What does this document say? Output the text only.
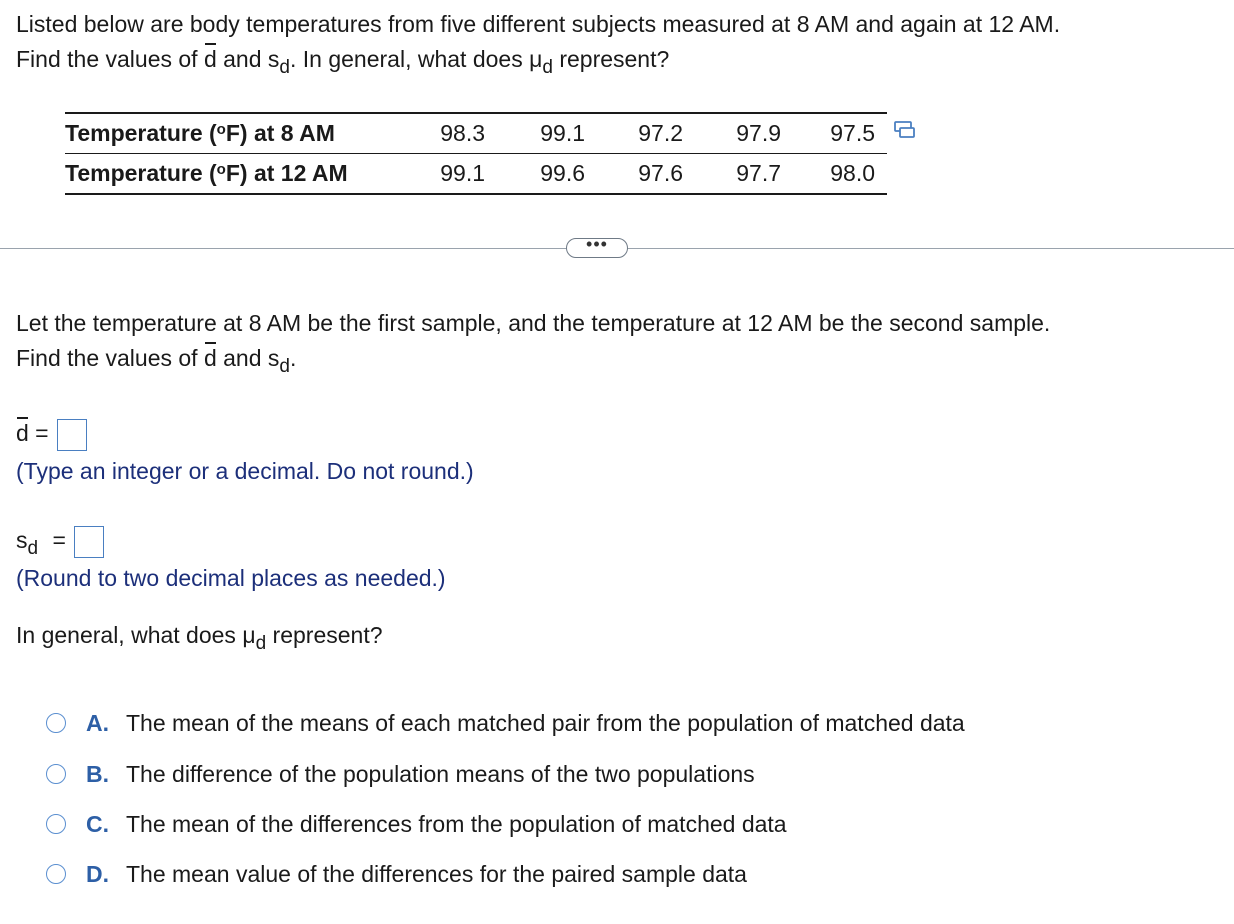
Listed below are body temperatures from five different subjects measured at 8 AM and again at 12 AM.
Find the values of d and $s_d$. In general, what does $\mu_d$ represent?
Temperature ($^o$F) at 8 AM	98.3	99.1	97.2	97.9	97.5
Temperature ($^o$F) at 12 AM	99.1	99.6	97.6	97.7	98.0
•••
Let the temperature at 8 AM be the first sample, and the temperature at 12 AM be the second sample.
Find the values of d and $s_d$.
d =
(Type an integer or a decimal. Do not round.)
$s_d$ =
(Round to two decimal places as needed.)
In general, what does $\mu_d$ represent?
A. The mean of the means of each matched pair from the population of matched data
B. The difference of the population means of the two populations
C. The mean of the differences from the population of matched data
D. The mean value of the differences for the paired sample data
